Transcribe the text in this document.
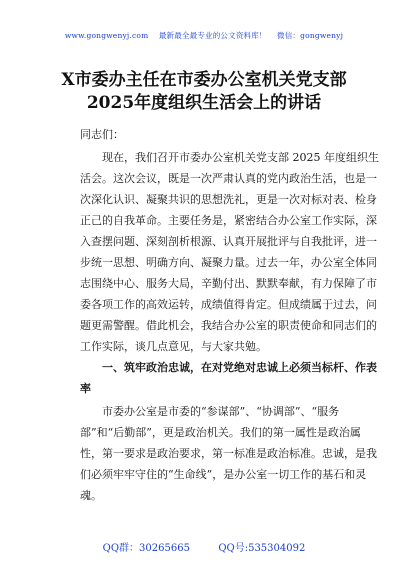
www.gongwenyj.com 最新最全最专业的公文资料库！ 微信：gongwenyj
X市委办主任在市委办公室机关党支部
2025年度组织生活会上的讲话
同志们：
现在，我们召开市委办公室机关党支部 2025 年度组织生
活会。这次会议，既是一次严肃认真的党内政治生活，也是一
次深化认识、凝聚共识的思想洗礼，更是一次对标对表、检身
正己的自我革命。主要任务是，紧密结合办公室工作实际，深
入查摆问题、深刻剖析根源、认真开展批评与自我批评，进一
步统一思想、明确方向、凝聚力量。过去一年，办公室全体同
志围绕中心、服务大局，辛勤付出、默默奉献，有力保障了市
委各项工作的高效运转，成绩值得肯定。但成绩属于过去，问
题更需警醒。借此机会，我结合办公室的职责使命和同志们的
工作实际，谈几点意见，与大家共勉。
一、筑牢政治忠诚，在对党绝对忠诚上必须当标杆、作表
率
市委办公室是市委的“参谋部”、“协调部”、“服务
部”和“后勤部”，更是政治机关。我们的第一属性是政治属
性，第一要求是政治要求，第一标准是政治标准。忠诚，是我
们必须牢牢守住的“生命线”，是办公室一切工作的基石和灵
魂。
QQ群：30265665	QQ号:535304092
